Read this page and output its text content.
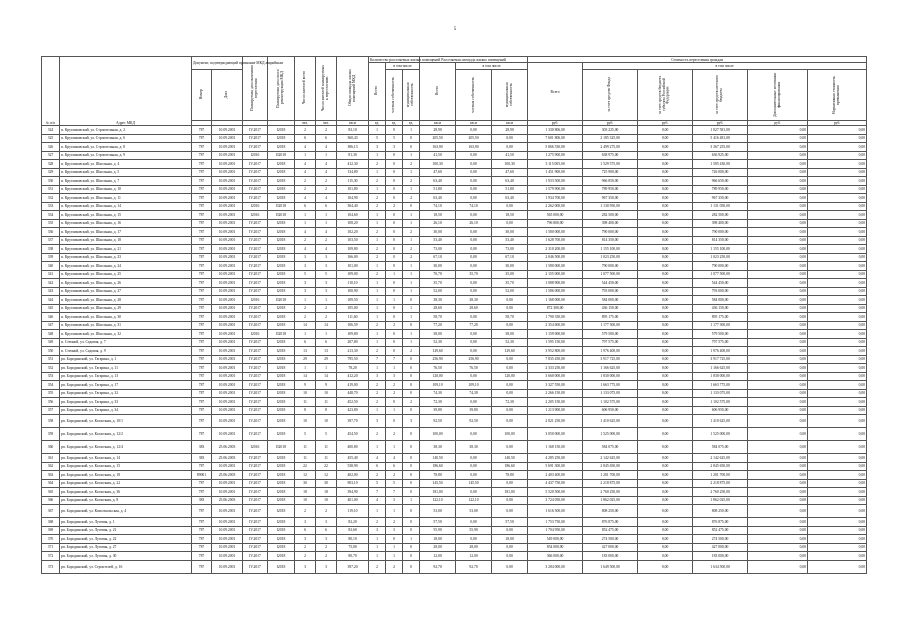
5
№ п/п	Адрес МКД	Документ, подтверждающий признание МКД аварийным		Планируемая дата окончания переселения	Планируемая дата сноса/реконструкции МКД	Число жителей всего	Число жителей планируемых к переселению	Общая площадь жилых помещений МКД	Количество расселяемых жилых помещений			Расселяемая площадь жилых помещений			Стоимость переселения граждан					
									Всего	в том числе		Всего	в том числе		Всего	в том числе				
		Номер	Дата							частная собственность	муниципальная собственность		частная собственность	муниципальная собственность		за счет средств Фонда	за счет средств бюджета субъекта Российской Федерации	за счет средств местного бюджета	Дополнительные источники финансирования	Нормативная стоимость превышения
						чел.	чел.	кв.м	ед.	ед.	ед.	кв.м	кв.м	кв.м	руб.	руб.	руб.	руб.	руб.	руб.
324	п. Кругликовский, ул. Строительная, д. 2	787	10.09.2001	IV.2017	I2018	2	2	83,10	1	0	1	28,90	0,00	28,90	1 330 806,00	303 225,00	0,00	1 027 581,00	0,00	0,00
325	п. Кругликовский, ул. Строительная, д. 6	787	10.09.2001	IV.2017	I2018	6	6	360,43	5	5	0	205,50	205,50	0,00	7 601 806,00	2 185 325,00	0,00	5 416 481,00	0,00	0,00
326	п. Кругликовский, ул. Строительная, д. 8	787	10.09.2001	IV.2017	I2018	4	4	386,13	3	3	0	163,90	163,90	0,00	5 866 530,00	2 499 275,00	0,00	3 367 255,00	0,00	0,00
327	п. Кругликовский, ул. Строительная, д. 9	787	10.09.2001	I2016	II2018	1	1	81,30	1	0	1	41,50	0,00	41,50	1 275 900,00	638 975,00	0,00	636 925,00	0,00	0,00
328	п. Кругликовский, ул. Школьная, д. 4	787	10.09.2001	IV.2017	I2018	4	4	412,30	2	0	2	100,30	0,00	100,30	3 115 005,00	1 529 575,00	0,00	1 585 430,00	0,00	0,00
329	п. Кругликовский, ул. Школьная, д. 5	787	10.09.2001	IV.2017	I2018	4	4	134,80	1	0	1	47,60	0,00	47,60	1 451 900,00	725 900,00	0,00	726 000,00	0,00	0,00
330	п. Кругликовский, ул. Школьная, д. 7	787	10.09.2001	IV.2017	I2018	2	2	115,30	2	0	2	63,40	0,00	63,40	1 933 500,00	966 850,00	0,00	966 650,00	0,00	0,00
331	п. Кругликовский, ул. Школьная, д. 10	787	10.09.2001	IV.2017	I2018	2	2	101,80	1	0	1	51,80	0,00	51,80	1 579 900,00	789 950,00	0,00	789 950,00	0,00	0,00
332	п. Кругликовский, ул. Школьная, д. 11	787	10.09.2001	IV.2017	I2018	4	4	104,90	2	0	2	63,40	0,00	63,40	1 934 700,00	967 350,00	0,00	967 350,00	0,00	0,00
333	п. Кругликовский, ул. Школьная, д. 14	787	10.09.2001	I2016	II2018	6	6	304,40	2	2	0	74,10	74,10	0,00	2 262 000,00	1 130 950,00	0,00	1 131 050,00	0,00	0,00
334	п. Кругликовский, ул. Школьная, д. 15	787	10.09.2001	I2016	II2018	1	1	104,60	1	0	1	18,50	0,00	18,50	565 000,00	282 500,00	0,00	282 500,00	0,00	0,00
335	п. Кругликовский, ул. Школьная, д. 16	787	10.09.2001	IV.2017	I2018	1	1	108,20	1	0	1	26,10	26,10	0,00	796 800,00	398 400,00	0,00	398 400,00	0,00	0,00
336	п. Кругликовский, ул. Школьная, д. 17	787	10.09.2001	IV.2017	I2018	4	4	102,20	2	0	2	30,00	0,00	30,00	1 580 000,00	790 000,00	0,00	790 000,00	0,00	0,00
337	п. Кругликовский, ул. Школьная, д. 18	787	10.09.2001	IV.2017	I2018	2	2	103,50	1	0	1	53,40	0,00	53,40	1 628 700,00	814 350,00	0,00	814 350,00	0,00	0,00
338	п. Кругликовский, ул. Школьная, д. 21	787	10.09.2001	IV.2017	I2018	4	4	109,80	2	0	2	73,00	0,00	73,00	2 310 200,00	1 155 100,00	0,00	1 155 100,00	0,00	0,00
339	п. Кругликовский, ул. Школьная, д. 23	787	10.09.2001	IV.2017	I2018	3	3	166,00	2	0	2	67,10	0,00	67,10	2 046 500,00	1 023 250,00	0,00	1 023 250,00	0,00	0,00
340	п. Кругликовский, ул. Школьная, д. 24	787	10.09.2001	IV.2017	I2018	3	3	101,00	1	0	1	30,00	0,00	30,00	1 580 000,00	790 000,00	0,00	790 000,00	0,00	0,00
341	п. Кругликовский, ул. Школьная, д. 25	787	10.09.2001	IV.2017	I2018	5	5	109,00	2	1	1	70,70	35,70	35,00	2 155 000,00	1 077 500,00	0,00	1 077 500,00	0,00	0,00
342	п. Кругликовский, ул. Школьная, д. 26	787	10.09.2001	IV.2017	I2018	3	3	110,10	1	0	1	35,70	0,00	35,70	1 088 900,00	544 450,00	0,00	544 450,00	0,00	0,00
343	п. Кругликовский, ул. Школьная, д. 27	787	10.09.2001	IV.2017	I2018	3	3	100,90	1	0	1	52,00	0,00	52,00	1 586 000,00	793 000,00	0,00	793 000,00	0,00	0,00
344	п. Кругликовский, ул. Школьная, д. 28	787	10.09.2001	I2016	II2018	1	1	109,50	1	1	0	38,30	38,30	0,00	1 168 000,00	584 000,00	0,00	584 000,00	0,00	0,00
345	п. Кругликовский, ул. Школьная, д. 29	787	10.09.2001	IV.2017	I2018	2	2	105,00	1	0	1	28,60	28,60	0,00	872 300,00	436 150,00	0,00	436 150,00	0,00	0,00
346	п. Кругликовский, ул. Школьная, д. 30	787	10.09.2001	IV.2017	I2018	2	2	111,60	1	0	1	58,70	0,00	58,70	1 790 350,00	895 175,00	0,00	895 175,00	0,00	0,00
347	п. Кругликовский, ул. Школьная, д. 31	787	10.09.2001	IV.2017	I2018	14	14	106,59	2	2	0	77,20	77,20	0,00	2 354 600,00	1 177 300,00	0,00	1 177 300,00	0,00	0,00
348	п. Кругликовский, ул. Школьная, д. 32	787	10.09.2001	I2016	II2018	1	1	109,80	1	0	1	38,00	0,00	38,00	1 159 000,00	579 500,00	0,00	579 500,00	0,00	0,00
349	п. Степной, ул. Садовая, д. 7	787	10.09.2001	IV.2017	I2018	6	6	207,80	1	0	1	52,30	0,00	52,30	1 595 150,00	797 575,00	0,00	797 575,00	0,00	0,00
350	п. Степной, ул. Садовая, д. 9	787	10.09.2001	IV.2017	I2018	13	13	213,30	2	0	2	129,60	0,00	129,60	3 952 800,00	1 976 400,00	0,00	1 976 400,00	0,00	0,00
351	рп. Бородинский, ул. Гагарина, д. 1	787	10.09.2001	IV.2017	I2018	29	29	795,50	7	7	0	256,90	256,90	0,00	7 835 450,00	3 917 725,00	0,00	3 917 725,00	0,00	0,00
352	рп. Бородинский, ул. Гагарина, д. 11	787	10.09.2001	IV.2017	I2018	1	1	78,20	1	1	0	76,50	76,50	0,00	2 333 250,00	1 166 625,00	0,00	1 166 625,00	0,00	0,00
353	рп. Бородинский, ул. Гагарина, д. 13	787	10.09.2001	IV.2017	I2018	14	14	412,20	3	3	0	120,00	0,00	120,00	3 660 000,00	1 830 000,00	0,00	1 830 000,00	0,00	0,00
354	рп. Бородинский, ул. Гагарина, д. 17	787	10.09.2001	IV.2017	I2018	9	9	419,00	2	2	0	109,10	109,10	0,00	3 327 550,00	1 663 775,00	0,00	1 663 775,00	0,00	0,00
355	рп. Бородинский, ул. Гагарина, д. 32	787	10.09.2001	IV.2017	I2018	10	10	448,70	2	2	0	74,30	74,30	0,00	2 266 150,00	1 133 075,00	0,00	1 133 075,00	0,00	0,00
356	рп. Бородинский, ул. Гагарина, д. 33	787	10.09.2001	IV.2017	I2018	11	11	452,50	2	0	2	72,30	0,00	72,30	2 205 150,00	1 102 575,00	0,00	1 102 575,00	0,00	0,00
357	рп. Бородинский, ул. Гагарина, д. 34	787	10.09.2001	IV.2017	I2018	8	8	423,80	1	1	0	39,80	39,80	0,00	1 213 900,00	606 950,00	0,00	606 950,00	0,00	0,00
358	рп. Бородинский, ул. Колхозная, д. 10/1	787	10.09.2001	IV.2017	I2018	10	10	397,70	3	0	3	92,50	92,50	0,00	2 821 250,00	1 410 625,00	0,00	1 410 625,00	0,00	0,00
359	рп. Бородинский, ул. Колхозная, д. 12/2	787	10.09.2001	IV.2017	I2018	5	5	454,50	2	2	0	100,00	0,00	100,00	3 050 000,00	1 525 000,00	0,00	1 525 000,00	0,00	0,00
360	рп. Бородинский, ул. Колхозная, д. 12/4	383	25.06.2003	I2016	II2018	11	11	400,80	1	1	0	38,30	38,30	0,00	1 168 150,00	584 075,00	0,00	584 075,00	0,00	0,00
361	рп. Бородинский, ул. Колхозная, д. 14	383	25.06.2003	IV.2017	I2018	11	11	455,40	4	4	0	140,50	0,00	140,50	4 285 250,00	2 142 625,00	0,00	2 142 625,00	0,00	0,00
362	рп. Бородинский, ул. Колхозная, д. 15	787	10.09.2001	IV.2017	I2018	22	22	538,90	6	6	0	186,60	0,00	186,60	5 691 300,00	2 845 650,00	0,00	2 845 650,00	0,00	0,00
363	рп. Бородинский, ул. Колхозная, д. 18	89001	25.06.2003	IV.2017	I2018	12	12	402,00	2	2	0	78,80	0,00	78,80	2 403 400,00	1 201 700,00	0,00	1 201 700,00	0,00	0,00
364	рп. Бородинский, ул. Колхозная, д. 22	787	10.09.2001	IV.2017	I2018	30	30	903,10	5	5	0	145,50	145,50	0,00	4 437 750,00	2 218 875,00	0,00	2 218 875,00	0,00	0,00
365	рп. Бородинский, ул. Колхозная, д. 36	787	10.09.2001	IV.2017	I2018	18	18	394,90	7	7	0	181,00	0,00	181,00	5 520 500,00	2 760 250,00	0,00	2 760 250,00	0,00	0,00
366	рп. Бородинский, ул. Колхозная, д. 8	383	25.06.2003	IV.2017	I2018	10	10	401,00	4	3	1	122,10	122,10	0,00	3 724 050,00	1 862 025,00	0,00	1 862 025,00	0,00	0,00
367	рп. Бородинский, ул. Комсомольская, д. 4	787	10.09.2001	IV.2017	I2018	2	2	119,10	1	1	0	53,00	53,00	0,00	1 616 500,00	808 250,00	0,00	808 250,00	0,00	0,00
368	рп. Бородинский, ул. Луговая, д. 1	787	10.09.2001	IV.2017	I2018	3	3	82,20	2	2	0	57,50	0,00	57,50	1 753 750,00	876 875,00	0,00	876 875,00	0,00	0,00
369	рп. Бородинский, ул. Луговая, д. 21	787	10.09.2001	IV.2017	I2018	6	6	83,60	3	3	0	55,90	55,90	0,00	1 704 950,00	852 475,00	0,00	852 475,00	0,00	0,00
370	рп. Бородинский, ул. Луговая, д. 22	787	10.09.2001	IV.2017	I2018	3	3	80,10	1	0	1	18,00	0,00	18,00	549 000,00	274 500,00	0,00	274 500,00	0,00	0,00
371	рп. Бородинский, ул. Луговая, д. 27	787	10.09.2001	IV.2017	I2018	2	2	75,00	1	1	0	28,00	28,00	0,00	854 000,00	427 000,00	0,00	427 000,00	0,00	0,00
372	рп. Бородинский, ул. Луговая, д. 30	787	10.09.2001	IV.2017	I2018	2	2	80,70	1	1	0	12,00	12,00	0,00	366 000,00	183 000,00	0,00	183 000,00	0,00	0,00
373	рп. Бородинский, ул. Строителей, д. 16	787	10.09.2001	IV.2017	I2018	3	3	397,20	2	2	0	92,70	92,70	0,00	3 284 000,00	1 649 500,00	0,00	1 634 500,00	0,00	0,00
